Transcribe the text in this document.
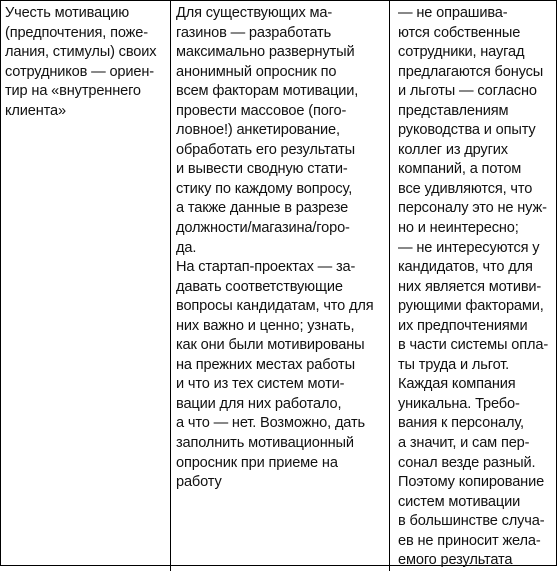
Учесть мотивацию
(предпочтения, поже-
лания, стимулы) своих
сотрудников — ориен-
тир на «внутреннего
клиента»
Для существующих ма-
газинов — разработать
максимально развернутый
анонимный опросник по
всем факторам мотивации,
провести массовое (пого-
ловное!) анкетирование,
обработать его результаты
и вывести сводную стати-
стику по каждому вопросу,
а также данные в разрезе
должности/магазина/горо-
да.
На стартап-проектах — за-
давать соответствующие
вопросы кандидатам, что для
них важно и ценно; узнать,
как они были мотивированы
на прежних местах работы
и что из тех систем моти-
вации для них работало,
а что — нет. Возможно, дать
заполнить мотивационный
опросник при приеме на
работу
— не опрашива-
ются собственные
сотрудники, наугад
предлагаются бонусы
и льготы — согласно
представлениям
руководства и опыту
коллег из других
компаний, а потом
все удивляются, что
персоналу это не нуж-
но и неинтересно;
— не интересуются у
кандидатов, что для
них является мотиви-
рующими факторами,
их предпочтениями
в части системы опла-
ты труда и льгот.
Каждая компания
уникальна. Требо-
вания к персоналу,
а значит, и сам пер-
сонал везде разный.
Поэтому копирование
систем мотивации
в большинстве случа-
ев не приносит жела-
емого результата
